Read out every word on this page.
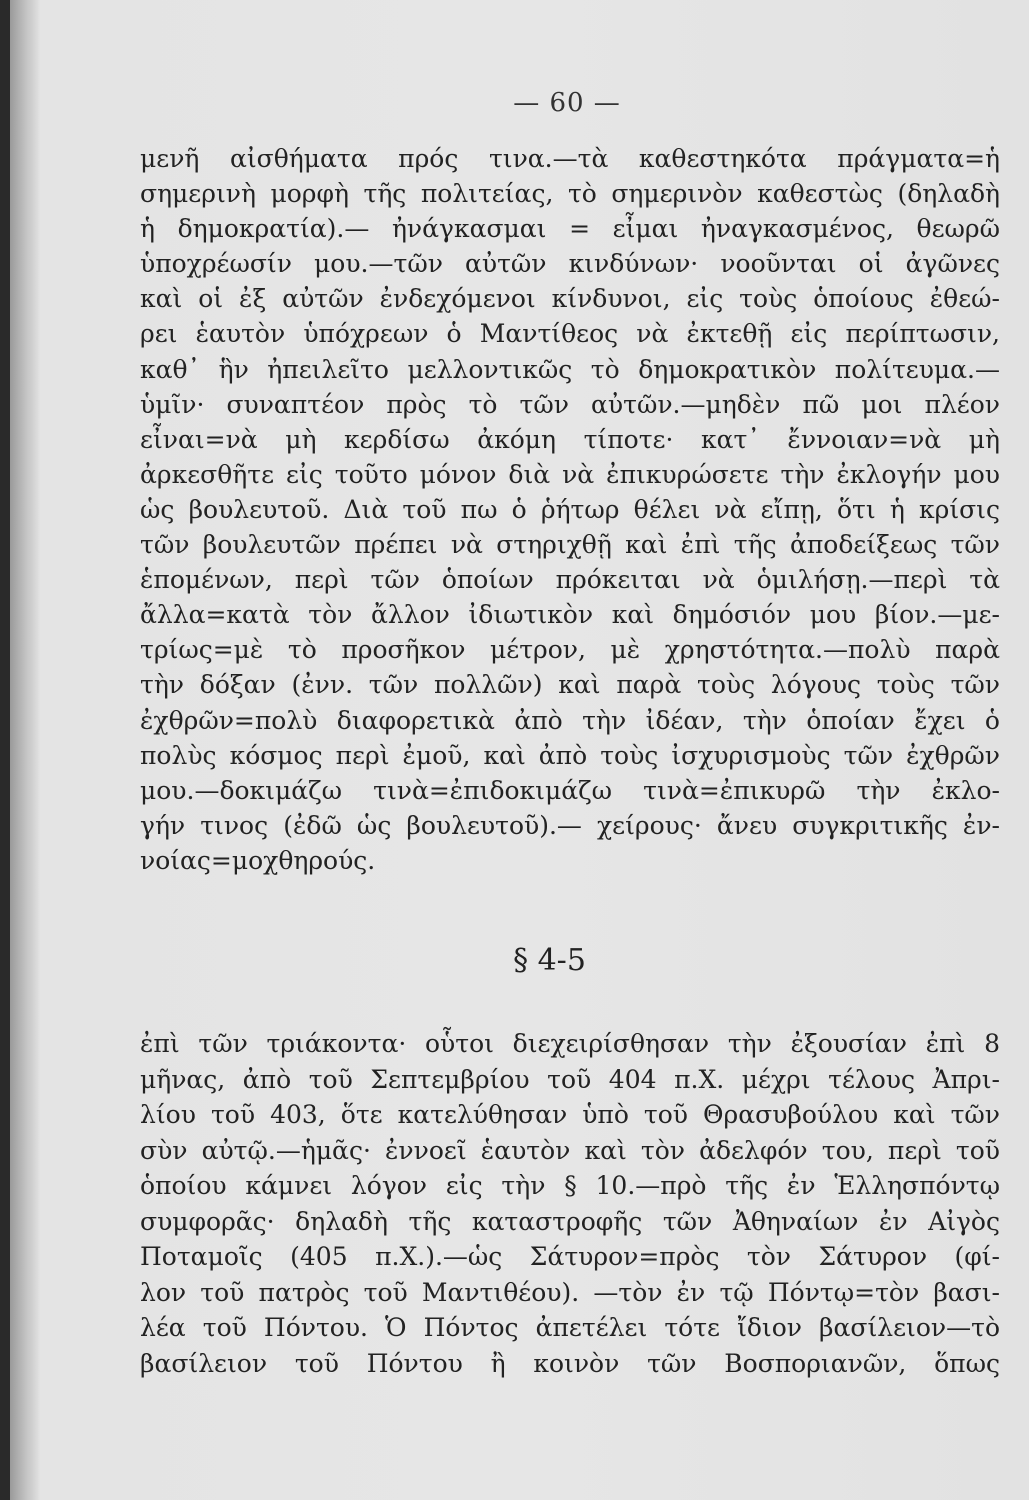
— 60 —
μενῆ αἰσθήματα πρός τινα.—τὰ καθεστηκότα πράγματα=ἡ
σημερινὴ μορφὴ τῆς πολιτείας, τὸ σημερινὸν καθεστὼς (δηλαδὴ
ἡ δημοκρατία).— ἠνάγκασμαι = εἶμαι ἠναγκασμένος, θεωρῶ
ὑποχρέωσίν μου.—τῶν αὐτῶν κινδύνων· νοοῦνται οἱ ἀγῶνες
καὶ οἱ ἐξ αὐτῶν ἐνδεχόμενοι κίνδυνοι, εἰς τοὺς ὁποίους ἐθεώ-
ρει ἑαυτὸν ὑπόχρεων ὁ Μαντίθεος νὰ ἐκτεθῇ εἰς περίπτωσιν,
καθ᾽ ἣν ἠπειλεῖτο μελλοντικῶς τὸ δημοκρατικὸν πολίτευμα.—
ὑμῖν· συναπτέον πρὸς τὸ τῶν αὐτῶν.—μηδὲν πῶ μοι πλέον
εἶναι=νὰ μὴ κερδίσω ἀκόμη τίποτε· κατ᾽ ἔννοιαν=νὰ μὴ
ἀρκεσθῆτε εἰς τοῦτο μόνον διὰ νὰ ἐπικυρώσετε τὴν ἐκλογήν μου
ὡς βουλευτοῦ. Διὰ τοῦ πω ὁ ῥήτωρ θέλει νὰ εἴπῃ, ὅτι ἡ κρίσις
τῶν βουλευτῶν πρέπει νὰ στηριχθῇ καὶ ἐπὶ τῆς ἀποδείξεως τῶν
ἑπομένων, περὶ τῶν ὁποίων πρόκειται νὰ ὁμιλήσῃ.—περὶ τὰ
ἄλλα=κατὰ τὸν ἄλλον ἰδιωτικὸν καὶ δημόσιόν μου βίον.—με-
τρίως=μὲ τὸ προσῆκον μέτρον, μὲ χρηστότητα.—πολὺ παρὰ
τὴν δόξαν (ἐνν. τῶν πολλῶν) καὶ παρὰ τοὺς λόγους τοὺς τῶν
ἐχθρῶν=πολὺ διαφορετικὰ ἀπὸ τὴν ἰδέαν, τὴν ὁποίαν ἔχει ὁ
πολὺς κόσμος περὶ ἐμοῦ, καὶ ἀπὸ τοὺς ἰσχυρισμοὺς τῶν ἐχθρῶν
μου.—δοκιμάζω τινὰ=ἐπιδοκιμάζω τινὰ=ἐπικυρῶ τὴν ἐκλο-
γήν τινος (ἐδῶ ὡς βουλευτοῦ).— χείρους· ἄνευ συγκριτικῆς ἐν-
νοίας=μοχθηρούς.
§ 4-5
ἐπὶ τῶν τριάκοντα· οὗτοι διεχειρίσθησαν τὴν ἐξουσίαν ἐπὶ 8
μῆνας, ἀπὸ τοῦ Σεπτεμβρίου τοῦ 404 π.Χ. μέχρι τέλους Ἀπρι-
λίου τοῦ 403, ὅτε κατελύθησαν ὑπὸ τοῦ Θρασυβούλου καὶ τῶν
σὺν αὐτῷ.—ἡμᾶς· ἐννοεῖ ἑαυτὸν καὶ τὸν ἀδελφόν του, περὶ τοῦ
ὁποίου κάμνει λόγον εἰς τὴν § 10.—πρὸ τῆς ἐν Ἑλλησπόντῳ
συμφορᾶς· δηλαδὴ τῆς καταστροφῆς τῶν Ἀθηναίων ἐν Αἰγὸς
Ποταμοῖς (405 π.Χ.).—ὡς Σάτυρον=πρὸς τὸν Σάτυρον (φί-
λον τοῦ πατρὸς τοῦ Μαντιθέου). —τὸν ἐν τῷ Πόντῳ=τὸν βασι-
λέα τοῦ Πόντου. Ὁ Πόντος ἀπετέλει τότε ἴδιον βασίλειον—τὸ
βασίλειον τοῦ Πόντου ἢ κοινὸν τῶν Βοσποριανῶν, ὅπως
